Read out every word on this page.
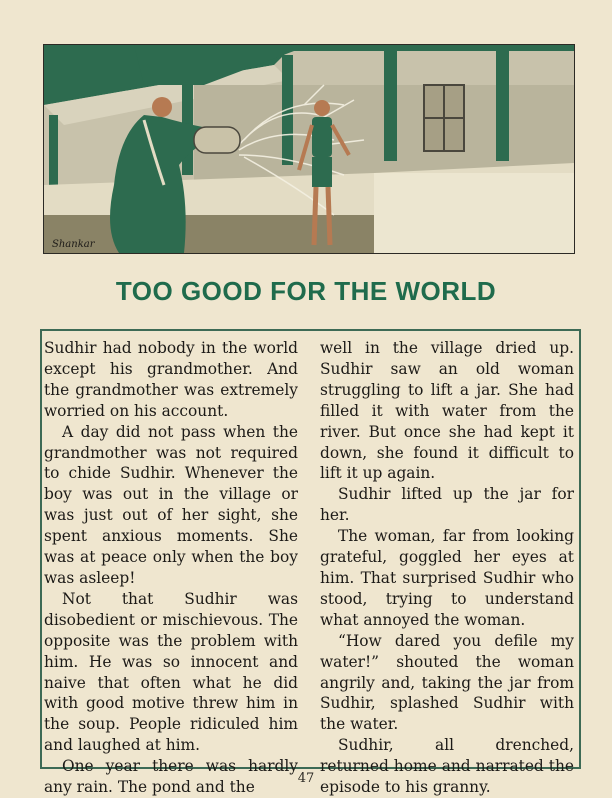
Shankar
TOO GOOD FOR THE WORLD

Sudhir had nobody in the world except his grandmother. And the grandmother was extremely worried on his account.

A day did not pass when the grandmother was not required to chide Sudhir. Whenever the boy was out in the village or was just out of her sight, she spent anxious moments. She was at peace only when the boy was asleep!

Not that Sudhir was disobedient or mischievous. The opposite was the problem with him. He was so innocent and naive that often what he did with good motive threw him in the soup. People ridiculed him and laughed at him.

One year there was hardly any rain. The pond and the

well in the village dried up. Sudhir saw an old woman struggling to lift a jar. She had filled it with water from the river. But once she had kept it down, she found it difficult to lift it up again.

Sudhir lifted up the jar for her.

The woman, far from looking grateful, goggled her eyes at him. That surprised Sudhir who stood, trying to understand what annoyed the woman.

“How dared you defile my water!” shouted the woman angrily and, taking the jar from Sudhir, splashed Sudhir with the water.

Sudhir, all drenched, returned home and narrated the episode to his granny.

47
